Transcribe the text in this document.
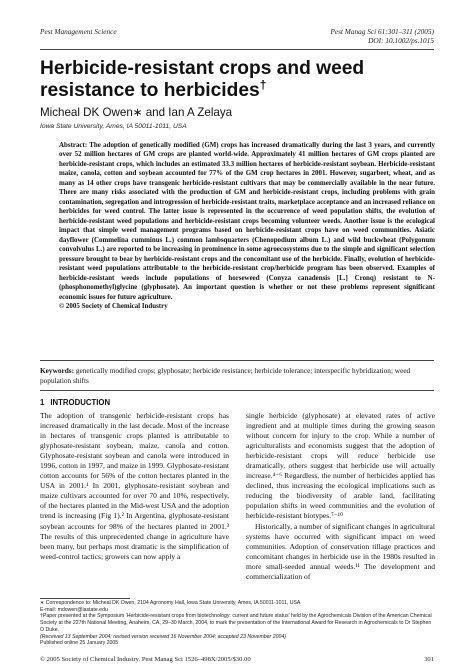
Pest Management Science	Pest Manag Sci 61:301–311 (2005)
DOI: 10.1002/ps.1015
Herbicide-resistant crops and weed resistance to herbicides†
Micheal DK Owen∗ and Ian A Zelaya
Iowa State University, Ames, IA 50011-1011, USA
Abstract: The adoption of genetically modified (GM) crops has increased dramatically during the last 3 years, and currently over 52 million hectares of GM crops are planted world-wide. Approximately 41 million hectares of GM crops planted are herbicide-resistant crops, which includes an estimated 33.3 million hectares of herbicide-resistant soybean. Herbicide-resistant maize, canola, cotton and soybean accounted for 77% of the GM crop hectares in 2001. However, sugarbeet, wheat, and as many as 14 other crops have transgenic herbicide-resistant cultivars that may be commercially available in the near future. There are many risks associated with the production of GM and herbicide-resistant crops, including problems with grain contamination, segregation and introgression of herbicide-resistant traits, marketplace acceptance and an increased reliance on herbicides for weed control. The latter issue is represented in the occurrence of weed population shifts, the evolution of herbicide-resistant weed populations and herbicide-resistant crops becoming volunteer weeds. Another issue is the ecological impact that simple weed management programs based on herbicide-resistant crops have on weed communities. Asiatic dayflower (Commelina cumminus L.) common lambsquarters (Chenopodium album L.) and wild buckwheat (Polygonum convolvulus L.) are reported to be increasing in prominence in some agroecosystems due to the simple and significant selection pressure brought to bear by herbicide-resistant crops and the concomitant use of the herbicide. Finally, evolution of herbicide-resistant weed populations attributable to the herbicide-resistant crop/herbicide program has been observed. Examples of herbicide-resistant weeds include populations of horseweed (Conyza canadensis [L.] Cronq) resistant to N-(phosphonomethyl)glycine (glyphosate). An important question is whether or not these problems represent significant economic issues for future agriculture.
© 2005 Society of Chemical Industry
Keywords: genetically modified crops; glyphosate; herbicide resistance; herbicide tolerance; interspecific hybridization; weed population shifts
1 INTRODUCTION

The adoption of transgenic herbicide-resistant crops has increased dramatically in the last decade. Most of the increase in hectares of transgenic crops planted is attributable to glyphosate-resistant soybean, maize, canola and cotton. Glyphosate-resistant soybean and canola were introduced in 1996, cotton in 1997, and maize in 1999. Glyphosate-resistant cotton accounts for 56% of the cotton hectares planted in the USA in 2001.¹ In 2001, glyphosate-resistant soybean and maize cultivars accounted for over 70 and 10%, respectively, of the hectares planted in the Mid-west USA and the adoption trend is increasing (Fig 1).² In Argentina, glyphosate-resistant soybean accounts for 98% of the hectares planted in 2001.³ The results of this unprecedented change in agriculture have been many, but perhaps most dramatic is the simplification of weed-control tactics; growers can now apply a

single herbicide (glyphosate) at elevated rates of active ingredient and at multiple times during the growing season without concern for injury to the crop. While a number of agriculturalists and economists suggest that the adoption of herbicide-resistant crops will reduce herbicide use dramatically, others suggest that herbicide use will actually increase.⁴⁻⁶ Regardless, the number of herbicides applied has declined, thus increasing the ecological implications such as reducing the biodiversity of arable land, facilitating population shifts in weed communities and the evolution of herbicide-resistant biotypes.⁷⁻¹⁰

Historically, a number of significant changes in agricultural systems have occurred with significant impact on weed communities. Adoption of conservation tillage practices and concomitant changes in herbicide use in the 1980s resulted in more small-seeded annual weeds.¹¹ The development and commercialization of

∗ Correspondence to: Micheal DK Owen, 2104 Agronomy Hall, Iowa State University, Ames, IA 50011-1011, USA
E-mail: mdowen@iastate.edu
†Paper presented at the Symposium ‘Herbicide-resistant crops from biotechnology: current and future status’ held by the Agrochemicals Division of the American Chemical Society at the 227th National Meeting, Anaheim, CA, 29–30 March, 2004, to mark the presentation of the International Award for Research in Agrochemicals to Dr Stephen O Duke.
(Received 13 September 2004; revised version received 16 November 2004; accepted 23 November 2004)
Published online 25 January 2005
© 2005 Society of Chemical Industry. Pest Manag Sci 1526–498X/2005/$30.00	301
